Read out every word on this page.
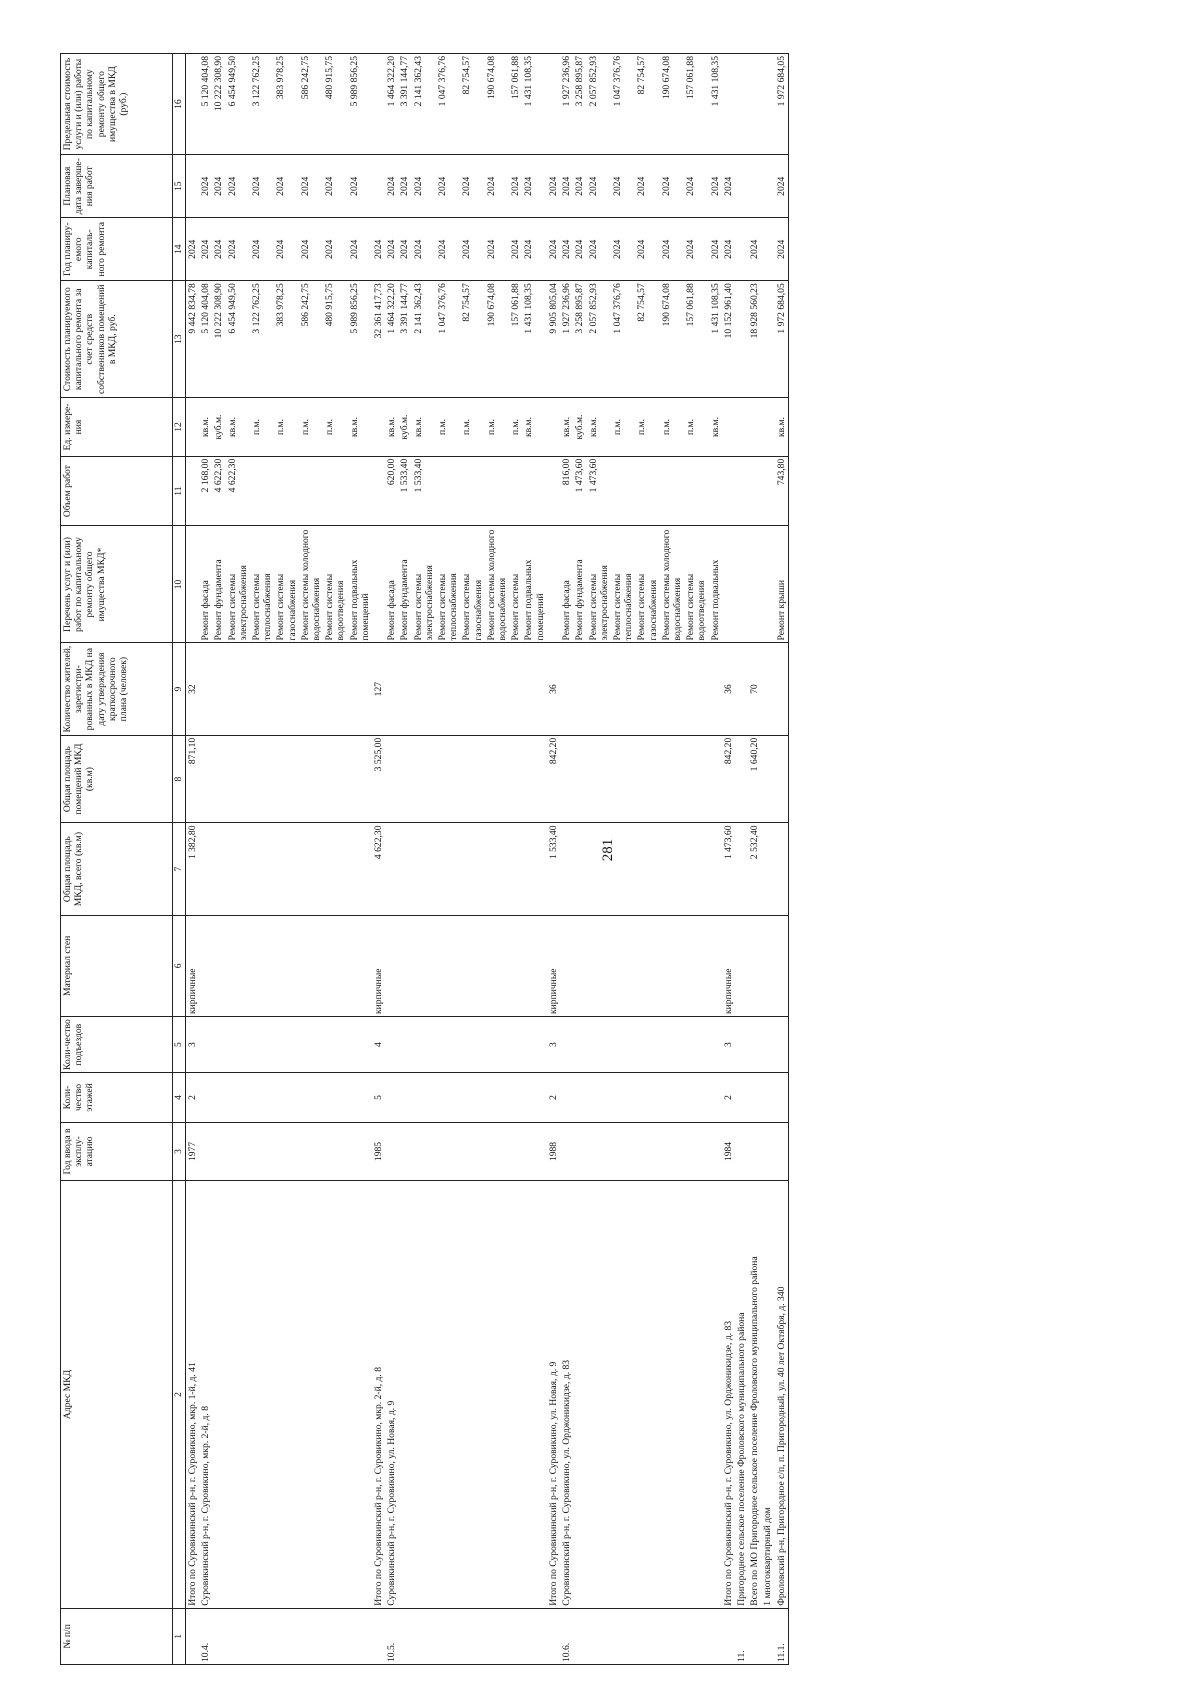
281
№ п/п	Адрес МКД	Год ввода в эксплу-атацию	Коли-чество этажей	Коли-чество подъездов	Материал стен	Общая площадь МКД, всего (кв.м)	Общая площадь помещений МКД (кв.м)	Количество жителей, зарегистри-рованных в МКД на дату утверждения краткосрочного плана (человек)	Перечень услуг и (или) работ по капитальному ремонту общего имущества МКД*	Объем работ	Ед. измере-ния	Стоимость планируемого капитального ремонта за счет средств собственников помещений в МКД, руб.	Год планиру-емого капиталь-ного ремонта	Плановая дата заверше-ния работ	Предельная стоимость услуги и (или) работы по капитальному ремонту общего имущества в МКД (руб.)
1	2	3	4	5	6	7	8	9	10	11	12	13	14	15	16
	Итого по Суровикинский р-н, г. Суровикино, мкр. 1-й, д. 41	1977	2	3	кирпичные	1 382,80	871,10	32				9 442 834,78	2024		
10.4.	Суровикинский р-н, г. Суровикино, мкр. 2-й, д. 8								Ремонт фасада	2 168,00	кв.м.	5 120 404,08	2024	2024	5 120 404,08
									Ремонт фундамента	4 622,30	куб.м.	10 222 308,90	2024	2024	10 222 308,90
									Ремонт системы электроснабжения	4 622,30	кв.м.	6 454 949,50	2024	2024	6 454 949,50
									Ремонт системы теплоснабжения		п.м.	3 122 762,25	2024	2024	3 122 762,25
									Ремонт системы газоснабжения		п.м.	383 978,25	2024	2024	383 978,25
									Ремонт системы холодного водоснабжения		п.м.	586 242,75	2024	2024	586 242,75
									Ремонт системы водоотведения		п.м.	480 915,75	2024	2024	480 915,75
									Ремонт подвальных помещений		кв.м.	5 989 856,25	2024	2024	5 989 856,25
	Итого по Суровикинский р-н, г. Суровикино, мкр. 2-й, д. 8	1985	5	4	кирпичные	4 622,30	3 525,00	127				32 361 417,73	2024		
10.5.	Суровикинский р-н, г. Суровикино, ул. Новая, д. 9								Ремонт фасада	620,00	кв.м.	1 464 322,20	2024	2024	1 464 322,20
									Ремонт фундамента	1 533,40	куб.м.	3 391 144,77	2024	2024	3 391 144,77
									Ремонт системы электроснабжения	1 533,40	кв.м.	2 141 362,43	2024	2024	2 141 362,43
									Ремонт системы теплоснабжения		п.м.	1 047 376,76	2024	2024	1 047 376,76
									Ремонт системы газоснабжения		п.м.	82 754,57	2024	2024	82 754,57
									Ремонт системы холодного водоснабжения		п.м.	190 674,08	2024	2024	190 674,08
									Ремонт системы		п.м.	157 061,88	2024	2024	157 061,88
									Ремонт подвальных помещений		кв.м.	1 431 108,35	2024	2024	1 431 108,35
	Итого по Суровикинский р-н, г. Суровикино, ул. Новая, д. 9	1988	2	3	кирпичные	1 533,40	842,20	36				9 905 805,04	2024	2024	
10.6.	Суровикинский р-н, г. Суровикино, ул. Орджоникидзе, д. 83								Ремонт фасада	816,00	кв.м.	1 927 236,96	2024	2024	1 927 236,96
									Ремонт фундамента	1 473,60	куб.м.	3 258 895,87	2024	2024	3 258 895,87
									Ремонт системы электроснабжения	1 473,60	кв.м.	2 057 852,93	2024	2024	2 057 852,93
									Ремонт системы теплоснабжения		п.м.	1 047 376,76	2024	2024	1 047 376,76
									Ремонт системы газоснабжения		п.м.	82 754,57	2024	2024	82 754,57
									Ремонт системы холодного водоснабжения		п.м.	190 674,08	2024	2024	190 674,08
									Ремонт системы водоотведения		п.м.	157 061,88	2024	2024	157 061,88
									Ремонт подвальных		кв.м.	1 431 108,35	2024	2024	1 431 108,35
	Итого по Суровикинский р-н, г. Суровикино, ул. Орджоникидзе, д. 83	1984	2	3	кирпичные	1 473,60	842,20	36				10 152 961,40	2024	2024	
11.	Пригородное сельское поселение Фроловского муниципального района														
	Всего по МО Пригородное сельское поселение Фроловского муниципального района					2 532,40	1 640,20	70				18 928 560,23	2024		
	1 многоквартирный дом														
11.1.	Фроловский р-н, Пригородное с/п, п. Пригородный, ул. 40 лет Октября, д. 340								Ремонт крыши	743,80	кв.м.	1 972 684,05	2024	2024	1 972 684,05
